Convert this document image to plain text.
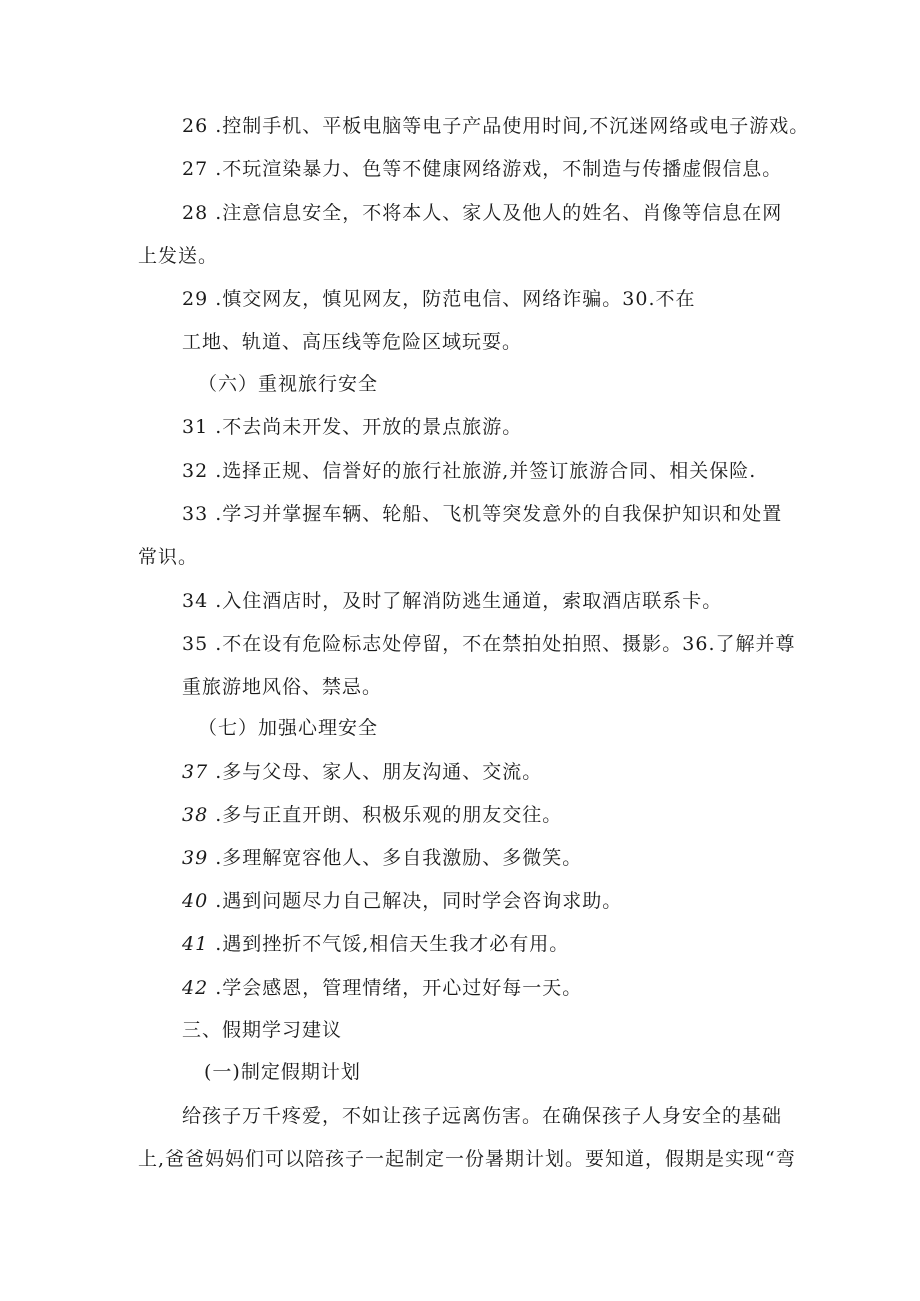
26 .控制手机、平板电脑等电子产品使用时间,不沉迷网络或电子游戏。
27 .不玩渲染暴力、色等不健康网络游戏，不制造与传播虚假信息。
28 .注意信息安全，不将本人、家人及他人的姓名、肖像等信息在网
上发送。
29 .慎交网友，慎见网友，防范电信、网络诈骗。30.不在
工地、轨道、高压线等危险区域玩耍。
（六）重视旅行安全
31 .不去尚未开发、开放的景点旅游。
32 .选择正规、信誉好的旅行社旅游,并签订旅游合同、相关保险.
33 .学习并掌握车辆、轮船、飞机等突发意外的自我保护知识和处置
常识。
34 .入住酒店时，及时了解消防逃生通道，索取酒店联系卡。
35 .不在设有危险标志处停留，不在禁拍处拍照、摄影。36.了解并尊
重旅游地风俗、禁忌。
（七）加强心理安全
37 .多与父母、家人、朋友沟通、交流。
38 .多与正直开朗、积极乐观的朋友交往。
39 .多理解宽容他人、多自我激励、多微笑。
40 .遇到问题尽力自己解决，同时学会咨询求助。
41 .遇到挫折不气馁,相信天生我才必有用。
42 .学会感恩，管理情绪，开心过好每一天。
三、假期学习建议
(一)制定假期计划
给孩子万千疼爱，不如让孩子远离伤害。在确保孩子人身安全的基础
上,爸爸妈妈们可以陪孩子一起制定一份暑期计划。要知道，假期是实现“弯
